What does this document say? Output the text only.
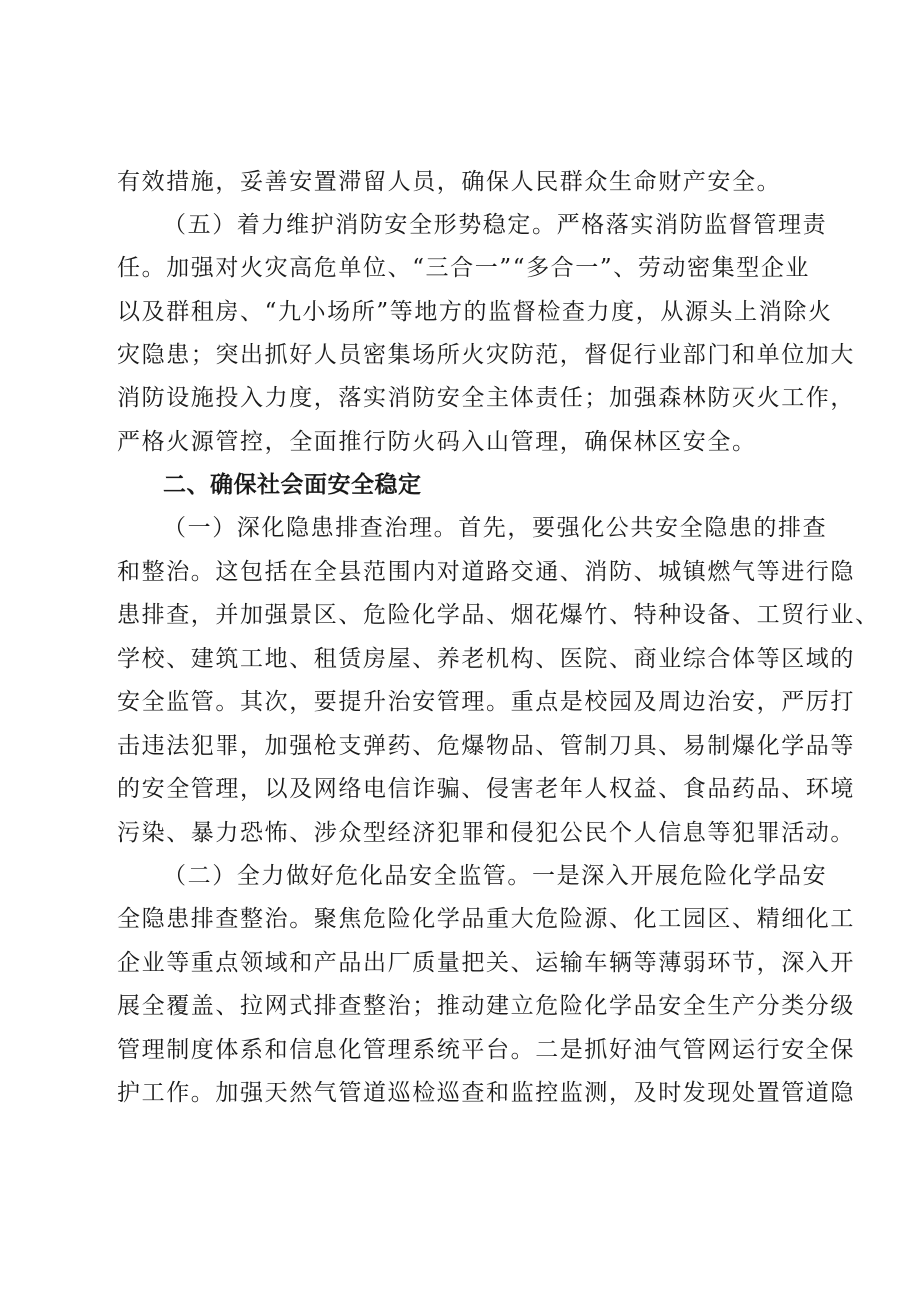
有效措施，妥善安置滞留人员，确保人民群众生命财产安全。
（五）着力维护消防安全形势稳定。严格落实消防监督管理责
任。加强对火灾高危单位、“三合一”“多合一”、劳动密集型企业
以及群租房、“九小场所”等地方的监督检查力度，从源头上消除火
灾隐患；突出抓好人员密集场所火灾防范，督促行业部门和单位加大
消防设施投入力度，落实消防安全主体责任；加强森林防灭火工作，
严格火源管控，全面推行防火码入山管理，确保林区安全。
二、确保社会面安全稳定
（一）深化隐患排查治理。首先，要强化公共安全隐患的排查
和整治。这包括在全县范围内对道路交通、消防、城镇燃气等进行隐
患排查，并加强景区、危险化学品、烟花爆竹、特种设备、工贸行业、
学校、建筑工地、租赁房屋、养老机构、医院、商业综合体等区域的
安全监管。其次，要提升治安管理。重点是校园及周边治安，严厉打
击违法犯罪，加强枪支弹药、危爆物品、管制刀具、易制爆化学品等
的安全管理，以及网络电信诈骗、侵害老年人权益、食品药品、环境
污染、暴力恐怖、涉众型经济犯罪和侵犯公民个人信息等犯罪活动。
（二）全力做好危化品安全监管。一是深入开展危险化学品安
全隐患排查整治。聚焦危险化学品重大危险源、化工园区、精细化工
企业等重点领域和产品出厂质量把关、运输车辆等薄弱环节，深入开
展全覆盖、拉网式排查整治；推动建立危险化学品安全生产分类分级
管理制度体系和信息化管理系统平台。二是抓好油气管网运行安全保
护工作。加强天然气管道巡检巡查和监控监测，及时发现处置管道隐
